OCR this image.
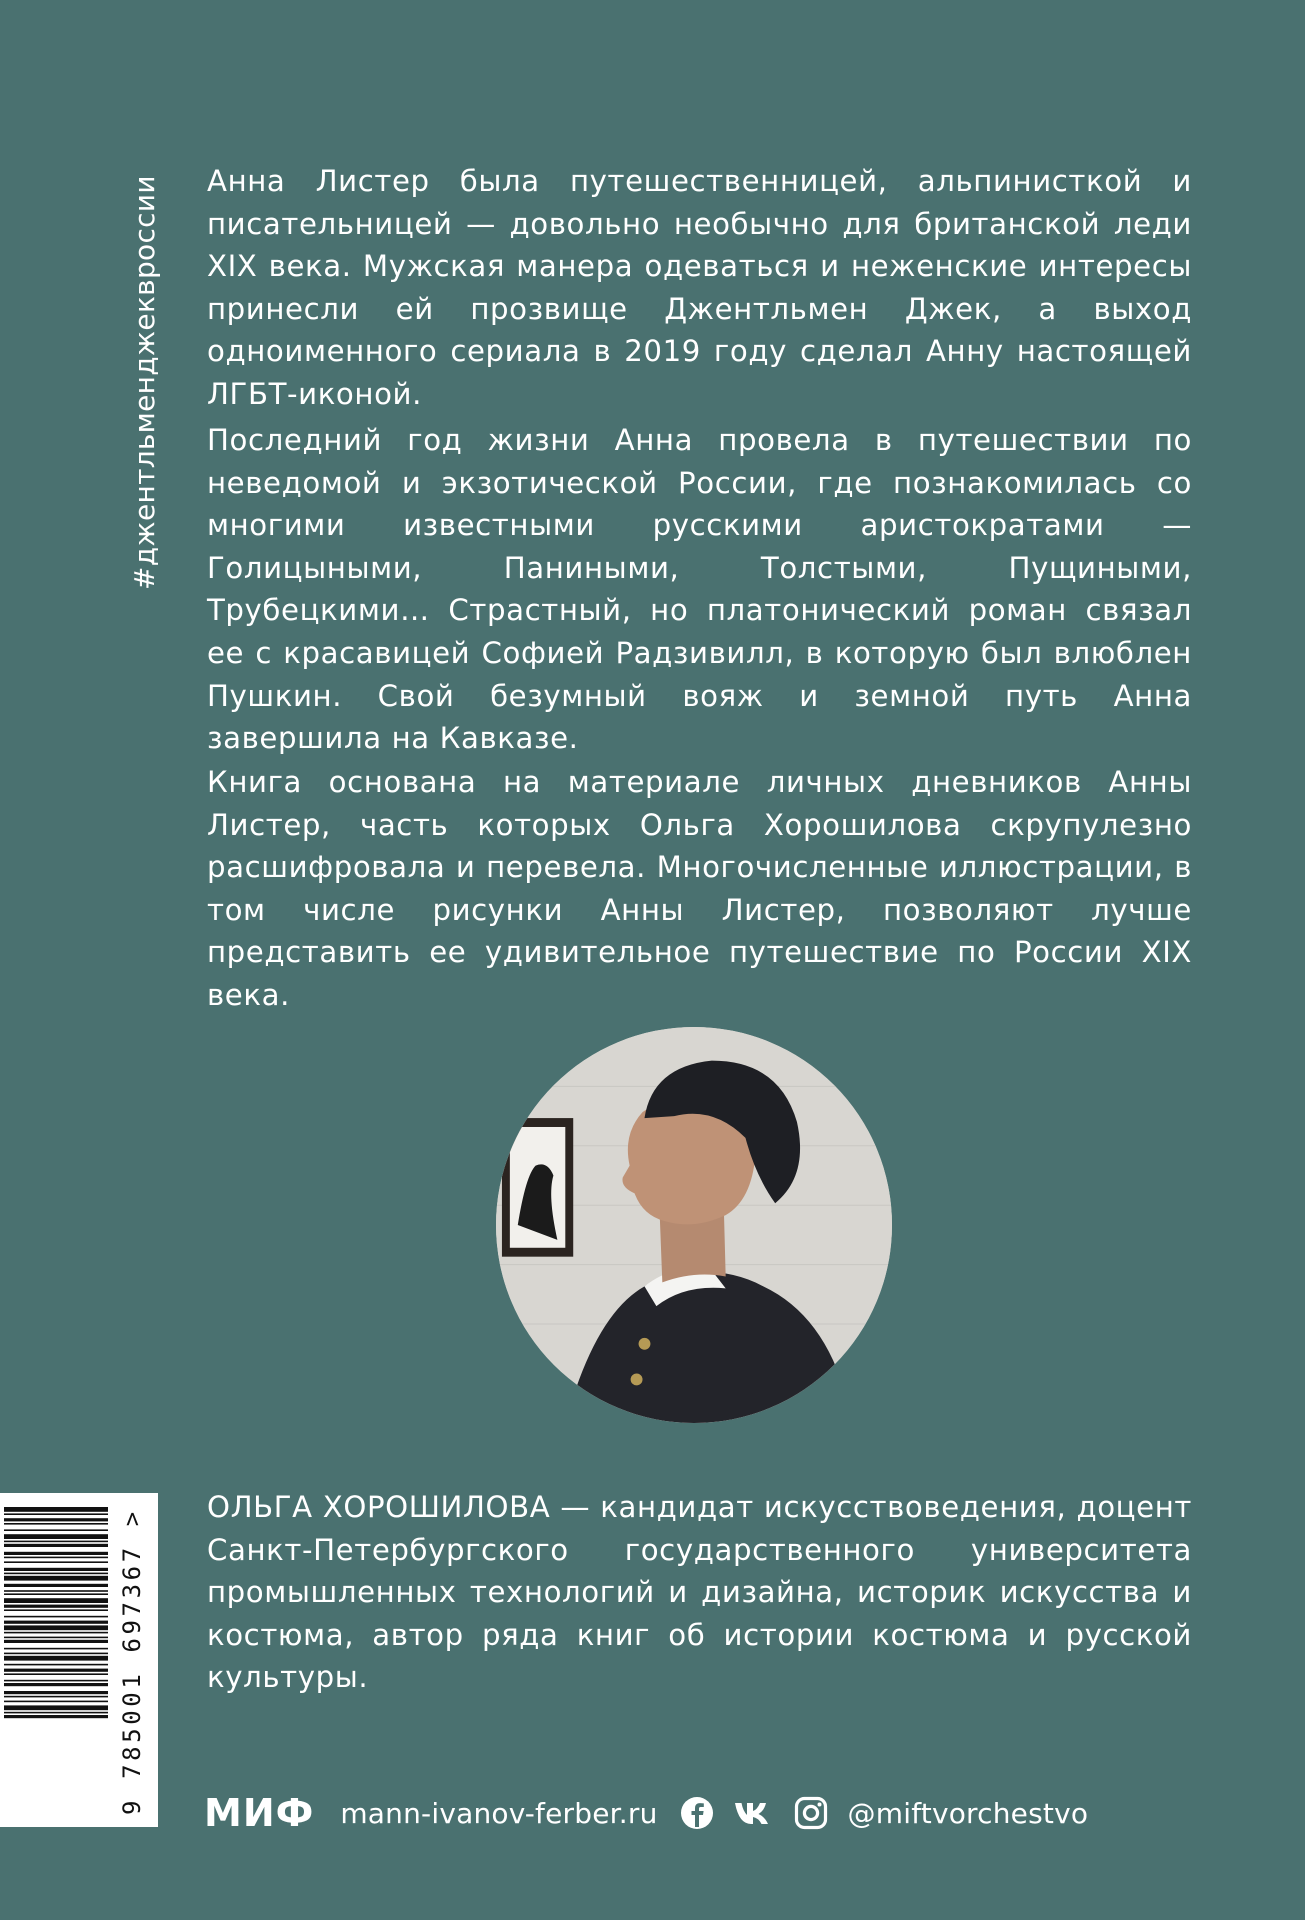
#джентльменджеквроссии Анна Листер была путешественницей, альпинисткой и писательницей — довольно необычно для британской леди XIX века. Мужская манера одеваться и неженские интересы принесли ей прозвище Джентльмен Джек, а выход одноименного сериала в 2019 году сделал Анну настоящей ЛГБТ-иконой.

Последний год жизни Анна провела в путешествии по неведомой и экзотической России, где познакомилась со многими известными русскими аристократами — Голицыными, Паниными, Толстыми, Пущиными, Трубецкими… Страстный, но платонический роман связал ее с красавицей Софией Радзивилл, в которую был влюблен Пушкин. Свой безумный вояж и земной путь Анна завершила на Кавказе.

Книга основана на материале личных дневников Анны Листер, часть которых Ольга Хорошилова скрупулезно расшифровала и перевела. Многочисленные иллюстрации, в том числе рисунки Анны Листер, позволяют лучше представить ее удивительное путешествие по России XIX века.

ОЛЬГА ХОРОШИЛОВА — кандидат искусствоведения, доцент Санкт-Петербургского государственного университета промышленных технологий и дизайна, историк искусства и костюма, автор ряда книг об истории костюма и русской культуры.

9 785001 697367 > МИФ mann-ivanov-ferber.ru	@miftvorchestvo
